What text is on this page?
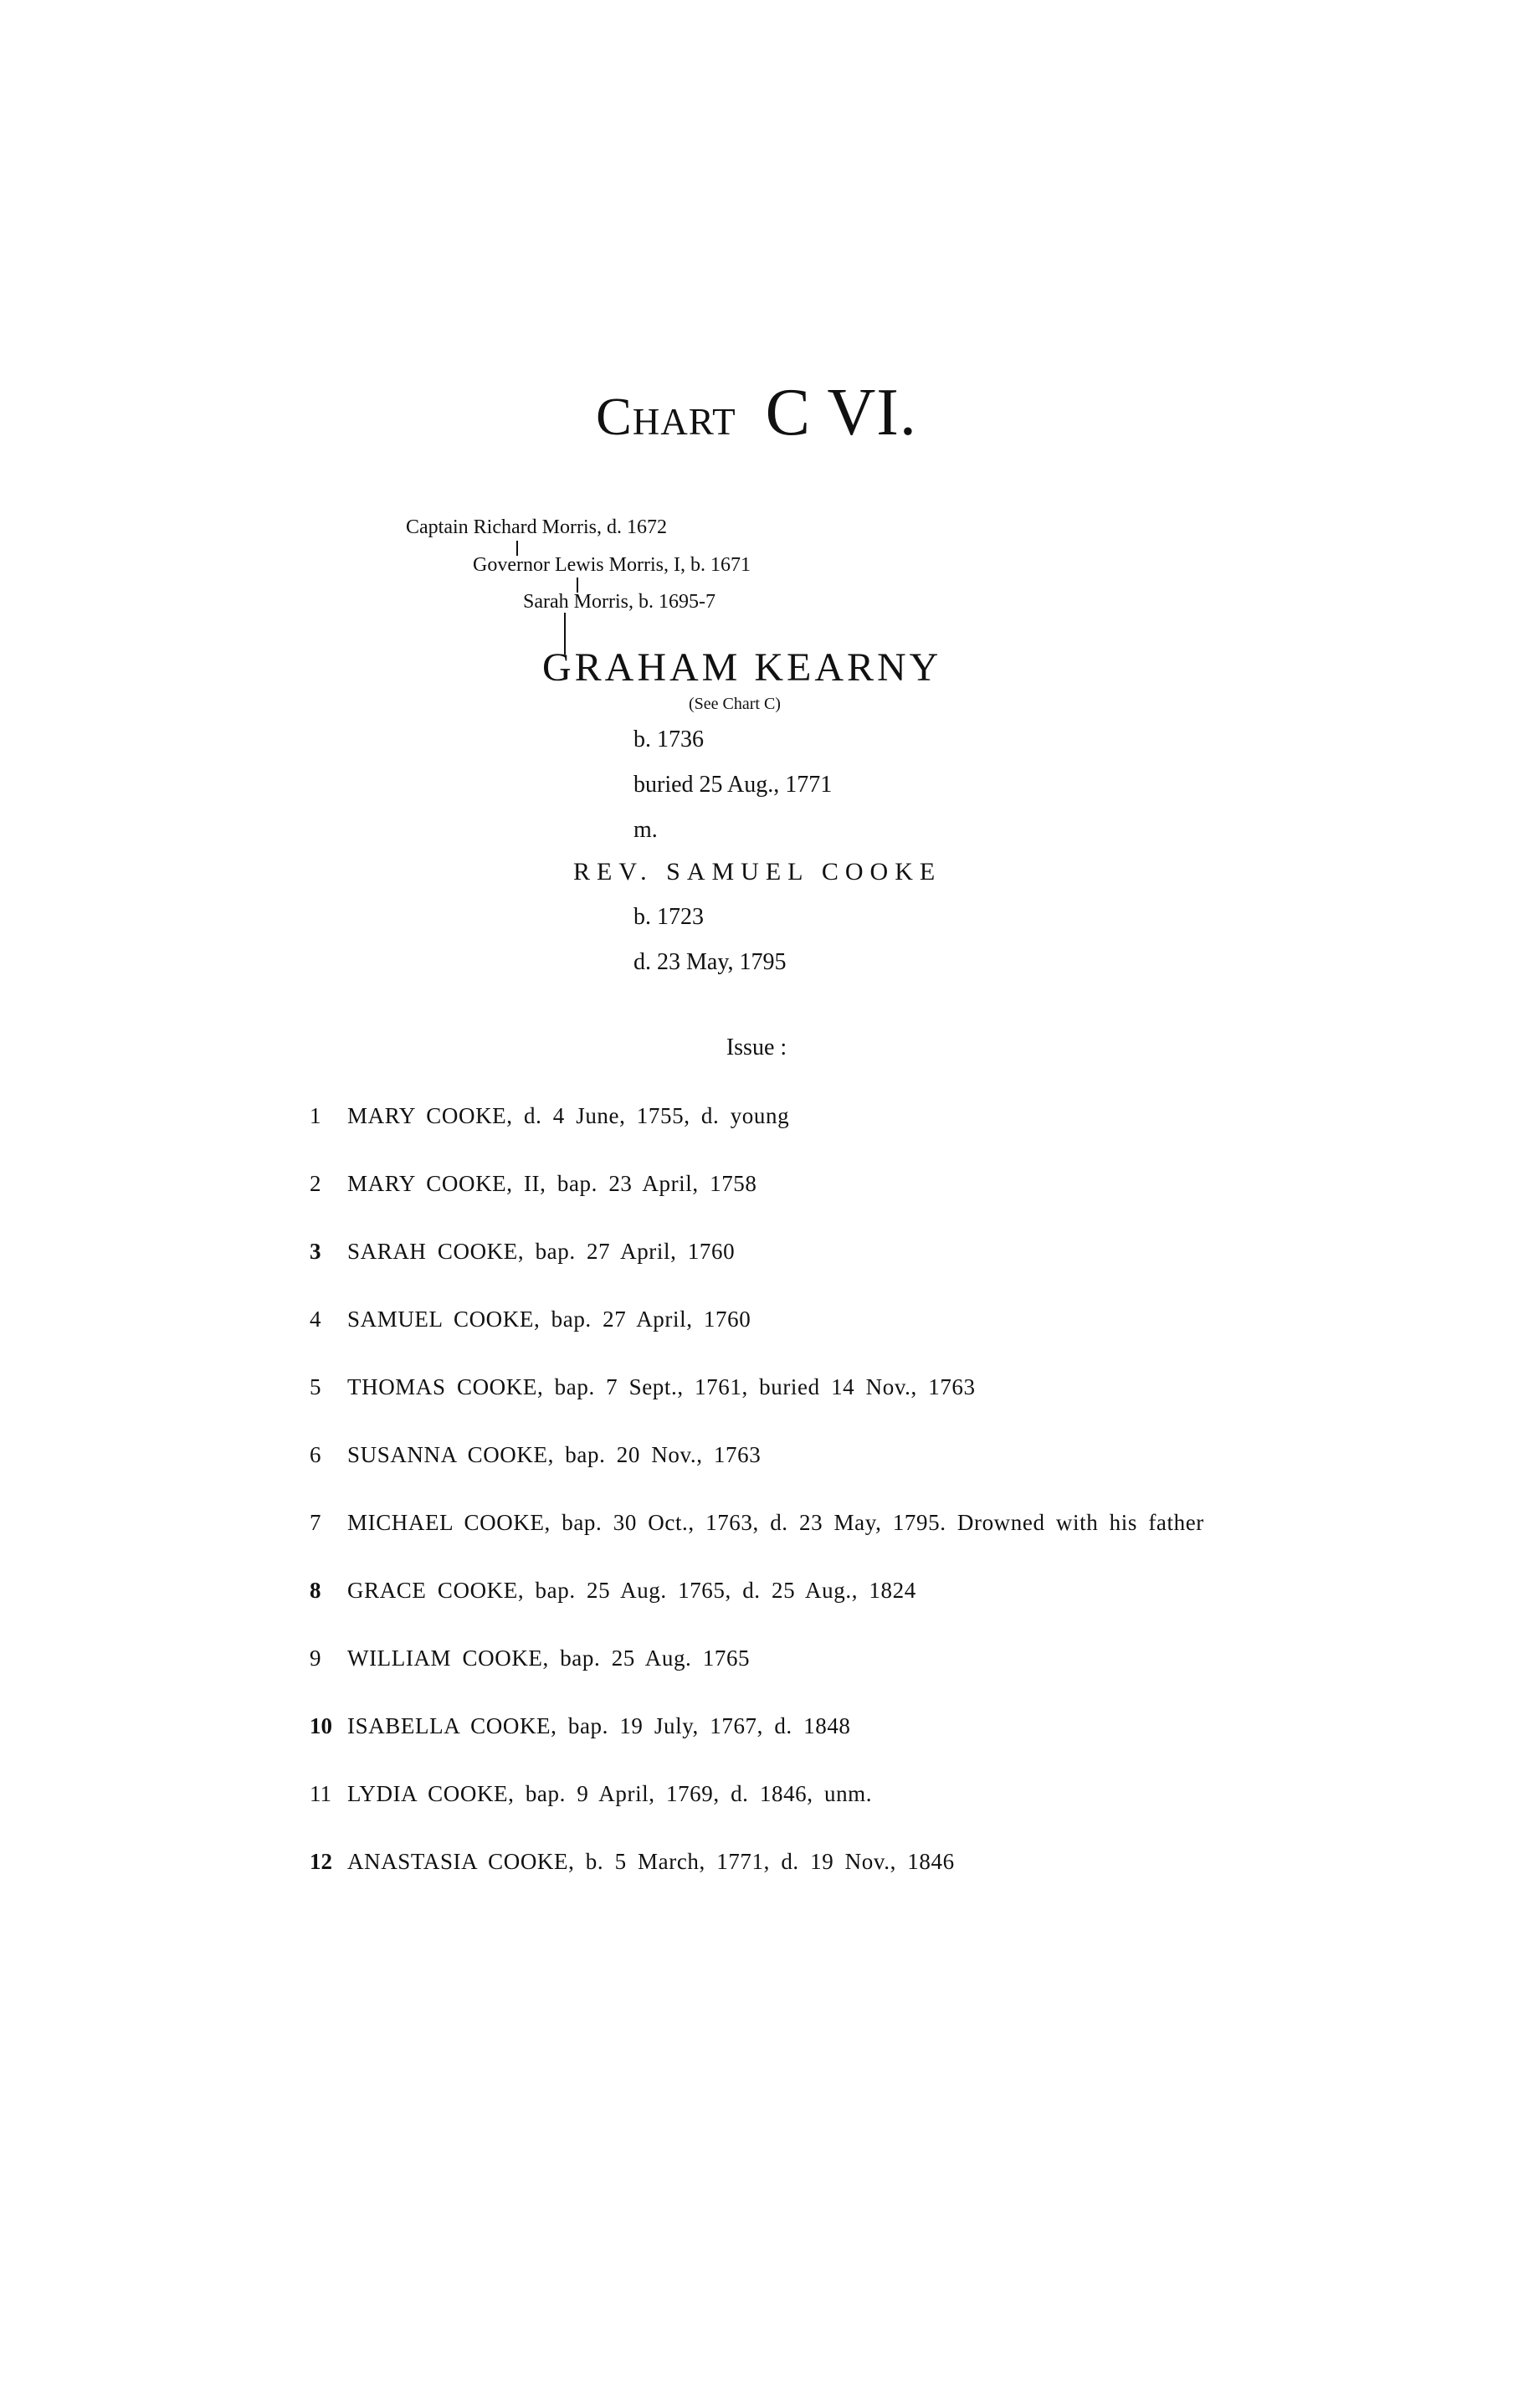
Chart C VI.
Captain Richard Morris, d. 1672
Governor Lewis Morris, I, b. 1671
Sarah Morris, b. 1695-7
GRAHAM KEARNY
(See Chart C)
b. 1736
buried 25 Aug., 1771
m.
REV. SAMUEL COOKE
b. 1723
d. 23 May, 1795
Issue :
1	MARY COOKE, d. 4 June, 1755, d. young
2	MARY COOKE, II, bap. 23 April, 1758
3	SARAH COOKE, bap. 27 April, 1760
4	SAMUEL COOKE, bap. 27 April, 1760
5	THOMAS COOKE, bap. 7 Sept., 1761, buried 14 Nov., 1763
6	SUSANNA COOKE, bap. 20 Nov., 1763
7	MICHAEL COOKE, bap. 30 Oct., 1763, d. 23 May, 1795. Drowned with his father
8	GRACE COOKE, bap. 25 Aug. 1765, d. 25 Aug., 1824
9	WILLIAM COOKE, bap. 25 Aug. 1765
10 ISABELLA COOKE, bap. 19 July, 1767, d. 1848
11 LYDIA COOKE, bap. 9 April, 1769, d. 1846, unm.
12 ANASTASIA COOKE, b. 5 March, 1771, d. 19 Nov., 1846
